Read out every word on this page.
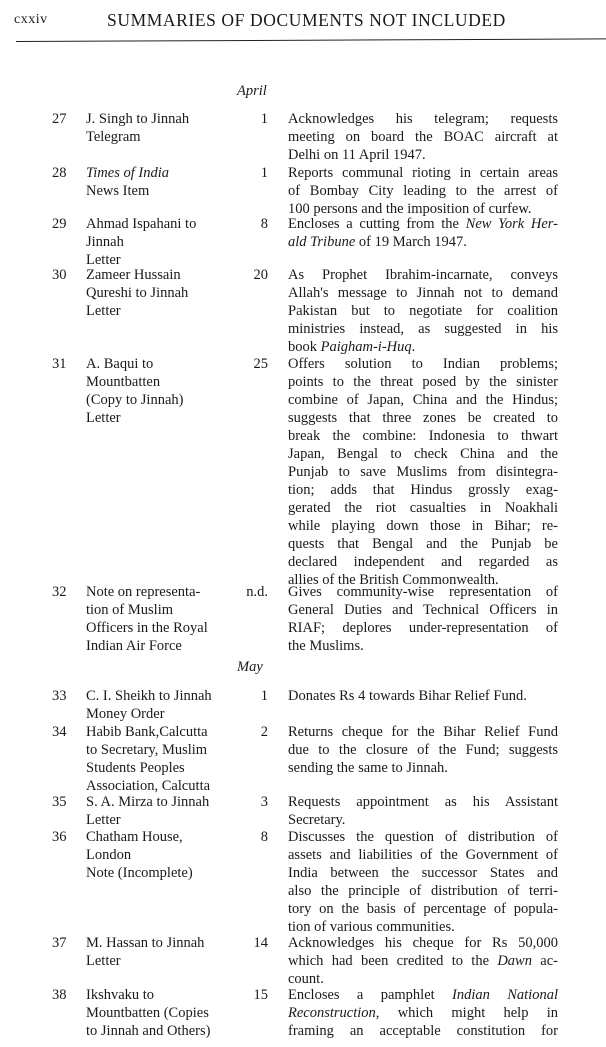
cxxiv	SUMMARIES OF DOCUMENTS NOT INCLUDED
April
May
27 J. Singh to Jinnah
Telegram
1 Acknowledges his telegram; requests
meeting on board the BOAC aircraft at
Delhi on 11 April 1947.
28 Times of India
News Item
1 Reports communal rioting in certain areas
of Bombay City leading to the arrest of
100 persons and the imposition of curfew.
29 Ahmad Ispahani to
Jinnah
Letter
8 Encloses a cutting from the New York Her-
ald Tribune of 19 March 1947.
30 Zameer Hussain
Qureshi to Jinnah
Letter
20 As Prophet Ibrahim-incarnate, conveys
Allah's message to Jinnah not to demand
Pakistan but to negotiate for coalition
ministries instead, as suggested in his
book Paigham-i-Huq.
31 A. Baqui to
Mountbatten
(Copy to Jinnah)
Letter
25 Offers solution to Indian problems;
points to the threat posed by the sinister
combine of Japan, China and the Hindus;
suggests that three zones be created to
break the combine: Indonesia to thwart
Japan, Bengal to check China and the
Punjab to save Muslims from disintegra-
tion; adds that Hindus grossly exag-
gerated the riot casualties in Noakhali
while playing down those in Bihar; re-
quests that Bengal and the Punjab be
declared independent and regarded as
allies of the British Commonwealth.
32 Note on representa-
tion of Muslim
Officers in the Royal
Indian Air Force
n.d. Gives community-wise representation of
General Duties and Technical Officers in
RIAF; deplores under-representation of
the Muslims.
33 C. I. Sheikh to Jinnah
Money Order
1 Donates Rs 4 towards Bihar Relief Fund.
34 Habib Bank,Calcutta
to Secretary, Muslim
Students Peoples
Association, Calcutta
2 Returns cheque for the Bihar Relief Fund
due to the closure of the Fund; suggests
sending the same to Jinnah.
35 S. A. Mirza to Jinnah
Letter
3 Requests appointment as his Assistant
Secretary.
36 Chatham House,
London
Note (Incomplete)
8 Discusses the question of distribution of
assets and liabilities of the Government of
India between the successor States and
also the principle of distribution of terri-
tory on the basis of percentage of popula-
tion of various communities.
37 M. Hassan to Jinnah
Letter
14 Acknowledges his cheque for Rs 50,000
which had been credited to the Dawn ac-
count.
38 Ikshvaku to
Mountbatten (Copies
to Jinnah and Others)
15 Encloses a pamphlet Indian National
Reconstruction, which might help in
framing an acceptable constitution for
